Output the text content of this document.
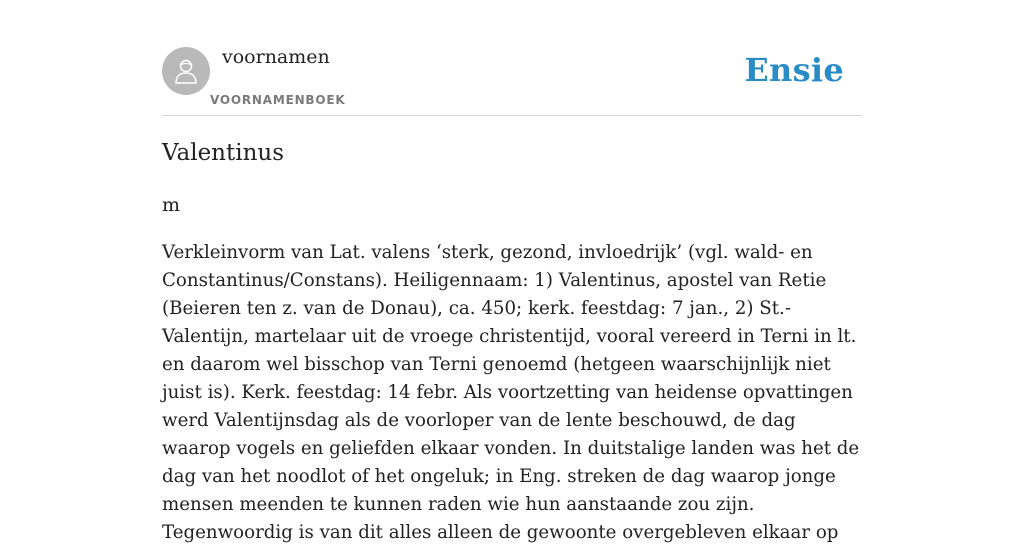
voornamen
VOORNAMENBOEK
Ensie
Valentinus
m

Verkleinvorm van Lat. valens ‘sterk, gezond, invloedrijk’ (vgl. wald- en Constantinus/Constans). Heiligennaam: 1) Valentinus, apostel van Retie (Beieren ten z. van de Donau), ca. 450; kerk. feestdag: 7 jan., 2) St.-Valentijn, martelaar uit de vroege christentijd, vooral vereerd in Terni in lt. en daarom wel bisschop van Terni genoemd (hetgeen waarschijnlijk niet juist is). Kerk. feestdag: 14 febr. Als voortzetting van heidense opvattingen werd Valentijnsdag als de voorloper van de lente beschouwd, de dag waarop vogels en geliefden elkaar vonden. In duitstalige landen was het de dag van het noodlot of het ongeluk; in Eng. streken de dag waarop jonge mensen meenden te kunnen raden wie hun aanstaande zou zijn. Tegenwoordig is van dit alles alleen de gewoonte overgebleven elkaar op
